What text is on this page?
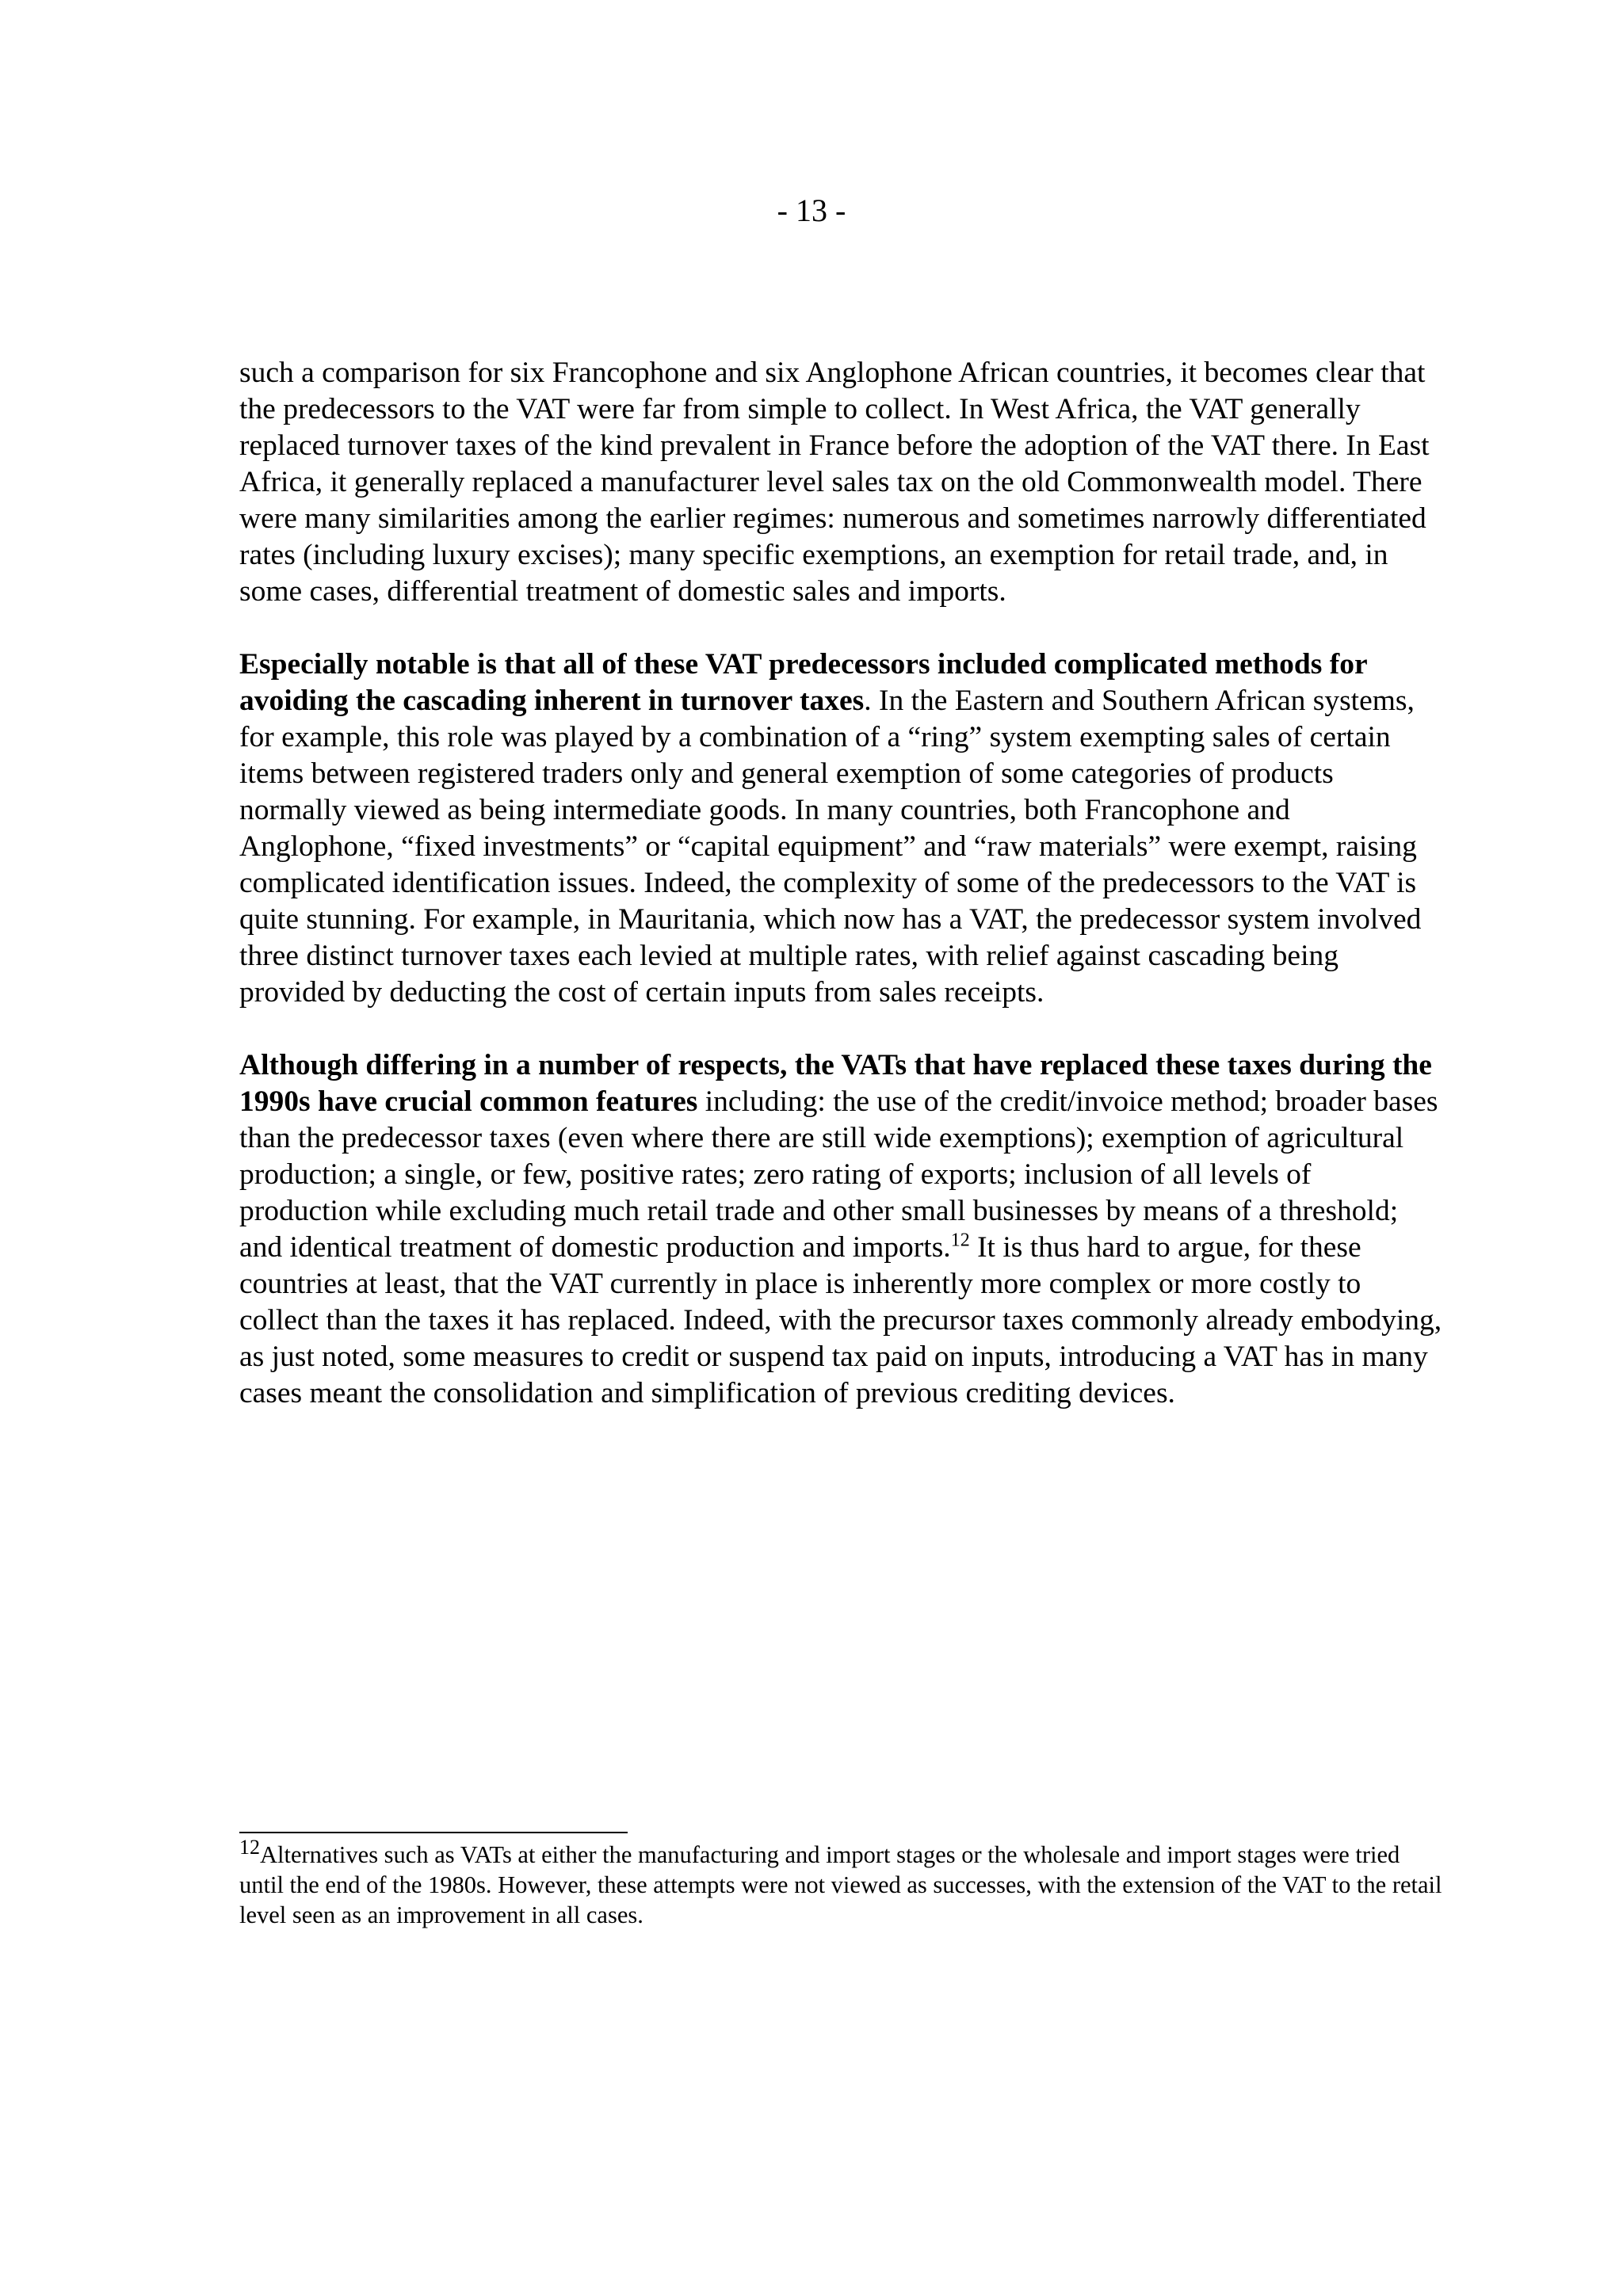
- 13 -

such a comparison for six Francophone and six Anglophone African countries, it becomes clear that the predecessors to the VAT were far from simple to collect. In West Africa, the VAT generally replaced turnover taxes of the kind prevalent in France before the adoption of the VAT there. In East Africa, it generally replaced a manufacturer level sales tax on the old Commonwealth model. There were many similarities among the earlier regimes: numerous and sometimes narrowly differentiated rates (including luxury excises); many specific exemptions, an exemption for retail trade, and, in some cases, differential treatment of domestic sales and imports.

Especially notable is that all of these VAT predecessors included complicated methods for avoiding the cascading inherent in turnover taxes. In the Eastern and Southern African systems, for example, this role was played by a combination of a “ring” system exempting sales of certain items between registered traders only and general exemption of some categories of products normally viewed as being intermediate goods. In many countries, both Francophone and Anglophone, “fixed investments” or “capital equipment” and “raw materials” were exempt, raising complicated identification issues. Indeed, the complexity of some of the predecessors to the VAT is quite stunning. For example, in Mauritania, which now has a VAT, the predecessor system involved three distinct turnover taxes each levied at multiple rates, with relief against cascading being provided by deducting the cost of certain inputs from sales receipts.

Although differing in a number of respects, the VATs that have replaced these taxes during the 1990s have crucial common features including: the use of the credit/invoice method; broader bases than the predecessor taxes (even where there are still wide exemptions); exemption of agricultural production; a single, or few, positive rates; zero rating of exports; inclusion of all levels of production while excluding much retail trade and other small businesses by means of a threshold; and identical treatment of domestic production and imports.$^{12}$ It is thus hard to argue, for these countries at least, that the VAT currently in place is inherently more complex or more costly to collect than the taxes it has replaced. Indeed, with the precursor taxes commonly already embodying, as just noted, some measures to credit or suspend tax paid on inputs, introducing a VAT has in many cases meant the consolidation and simplification of previous crediting devices.

12Alternatives such as VATs at either the manufacturing and import stages or the wholesale and import stages were tried until the end of the 1980s. However, these attempts were not viewed as successes, with the extension of the VAT to the retail level seen as an improvement in all cases.
